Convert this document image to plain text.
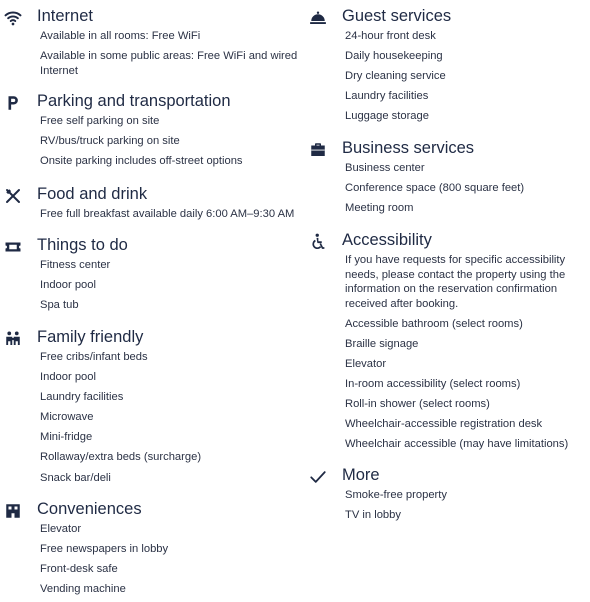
Internet
Available in all rooms: Free WiFi
Available in some public areas: Free WiFi and wired Internet
Parking and transportation
Free self parking on site
RV/bus/truck parking on site
Onsite parking includes off-street options
Food and drink
Free full breakfast available daily 6:00 AM–9:30 AM
Things to do
Fitness center
Indoor pool
Spa tub
Family friendly
Free cribs/infant beds
Indoor pool
Laundry facilities
Microwave
Mini-fridge
Rollaway/extra beds (surcharge)
Snack bar/deli
Conveniences
Elevator
Free newspapers in lobby
Front-desk safe
Vending machine
Guest services
24-hour front desk
Daily housekeeping
Dry cleaning service
Laundry facilities
Luggage storage
Business services
Business center
Conference space (800 square feet)
Meeting room
Accessibility
If you have requests for specific accessibility needs, please contact the property using the information on the reservation confirmation received after booking.
Accessible bathroom (select rooms)
Braille signage
Elevator
In-room accessibility (select rooms)
Roll-in shower (select rooms)
Wheelchair-accessible registration desk
Wheelchair accessible (may have limitations)
More
Smoke-free property
TV in lobby
